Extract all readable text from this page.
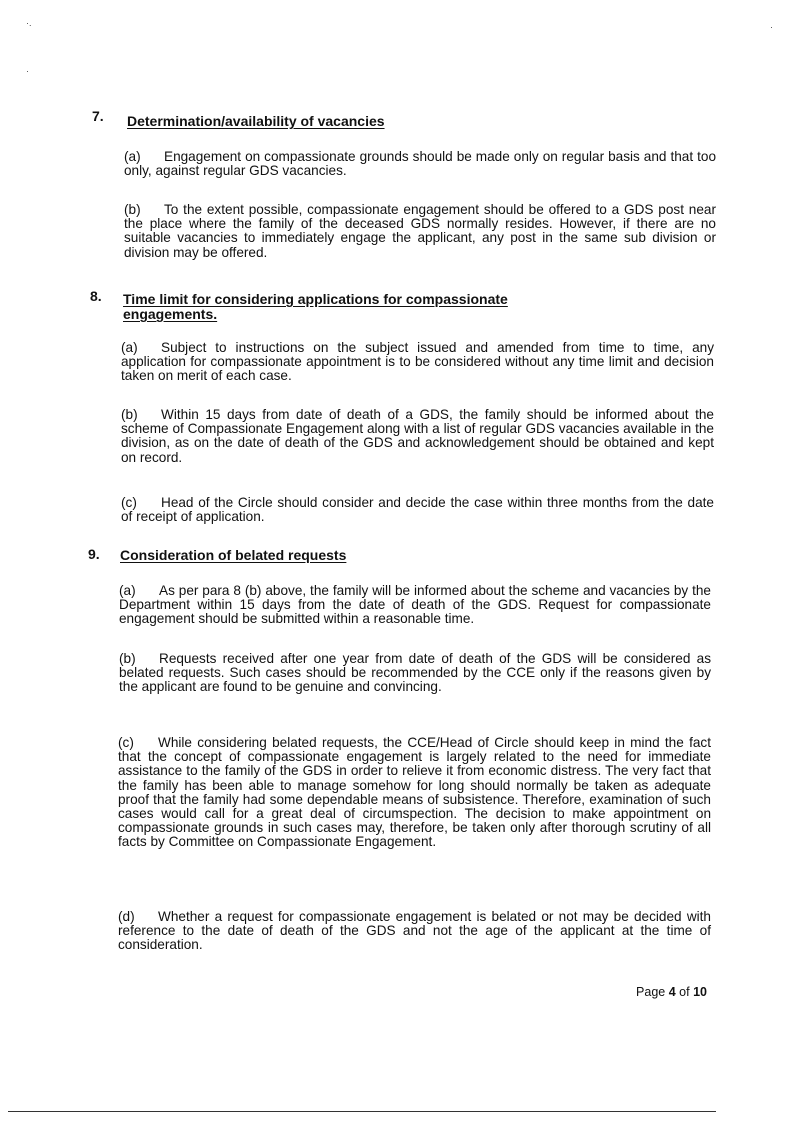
·.
·
·
7. Determination/availability of vacancies
(a) Engagement on compassionate grounds should be made only on regular basis and that too only, against regular GDS vacancies.
(b) To the extent possible, compassionate engagement should be offered to a GDS post near the place where the family of the deceased GDS normally resides. However, if there are no suitable vacancies to immediately engage the applicant, any post in the same sub division or division may be offered.
8. Time limit for considering applications for compassionate engagements.
(a) Subject to instructions on the subject issued and amended from time to time, any application for compassionate appointment is to be considered without any time limit and decision taken on merit of each case.
(b) Within 15 days from date of death of a GDS, the family should be informed about the scheme of Compassionate Engagement along with a list of regular GDS vacancies available in the division, as on the date of death of the GDS and acknowledgement should be obtained and kept on record.
(c) Head of the Circle should consider and decide the case within three months from the date of receipt of application.
9. Consideration of belated requests
(a) As per para 8 (b) above, the family will be informed about the scheme and vacancies by the Department within 15 days from the date of death of the GDS. Request for compassionate engagement should be submitted within a reasonable time.
(b) Requests received after one year from date of death of the GDS will be considered as belated requests. Such cases should be recommended by the CCE only if the reasons given by the applicant are found to be genuine and convincing.
(c) While considering belated requests, the CCE/Head of Circle should keep in mind the fact that the concept of compassionate engagement is largely related to the need for immediate assistance to the family of the GDS in order to relieve it from economic distress. The very fact that the family has been able to manage somehow for long should normally be taken as adequate proof that the family had some dependable means of subsistence. Therefore, examination of such cases would call for a great deal of circumspection. The decision to make appointment on compassionate grounds in such cases may, therefore, be taken only after thorough scrutiny of all facts by Committee on Compassionate Engagement.
(d) Whether a request for compassionate engagement is belated or not may be decided with reference to the date of death of the GDS and not the age of the applicant at the time of consideration.
Page 4 of 10
